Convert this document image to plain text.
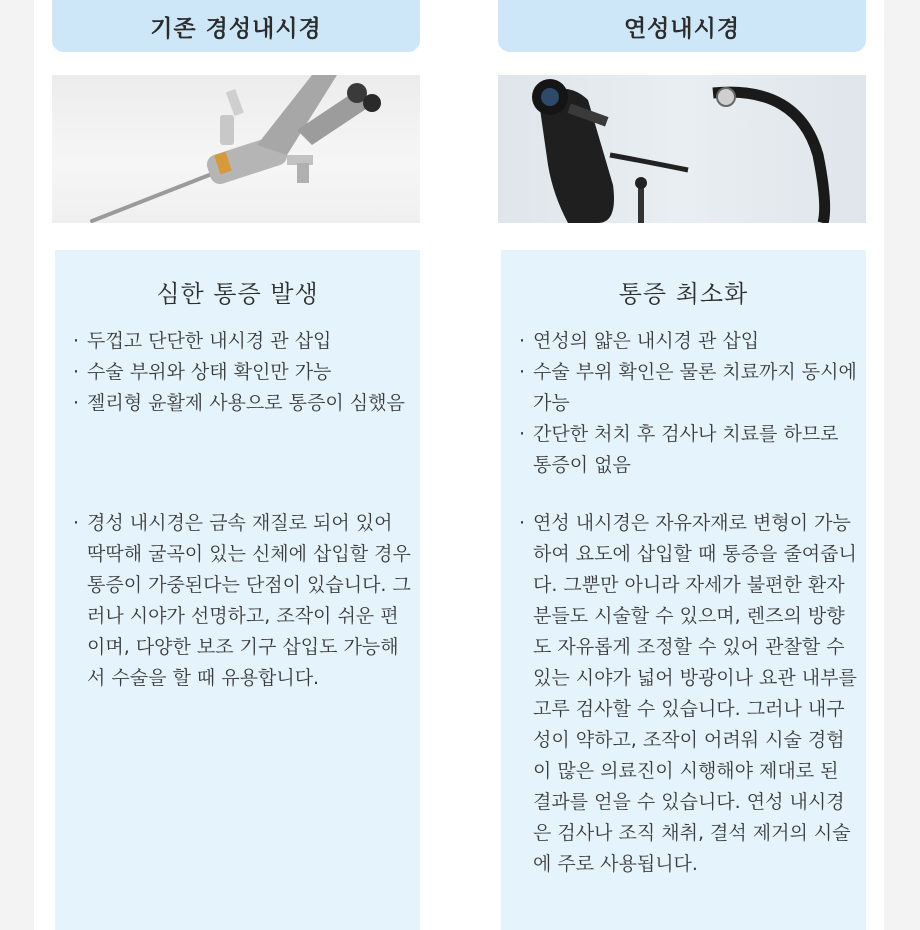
기존 경성내시경
심한 통증 발생
· 두껍고 단단한 내시경 관 삽입
· 수술 부위와 상태 확인만 가능
· 젤리형 윤활제 사용으로 통증이 심했음
· 경성 내시경은 금속 재질로 되어 있어 딱딱해 굴곡이 있는 신체에 삽입할 경우 통증이 가중된다는 단점이 있습니다. 그러나 시야가 선명하고, 조작이 쉬운 편이며, 다양한 보조 기구 삽입도 가능해서 수술을 할 때 유용합니다.
연성내시경
통증 최소화
· 연성의 얇은 내시경 관 삽입
· 수술 부위 확인은 물론 치료까지 동시에 가능
· 간단한 처치 후 검사나 치료를 하므로 통증이 없음
· 연성 내시경은 자유자재로 변형이 가능하여 요도에 삽입할 때 통증을 줄여줍니다. 그뿐만 아니라 자세가 불편한 환자분들도 시술할 수 있으며, 렌즈의 방향도 자유롭게 조정할 수 있어 관찰할 수 있는 시야가 넓어 방광이나 요관 내부를 고루 검사할 수 있습니다. 그러나 내구성이 약하고, 조작이 어려워 시술 경험이 많은 의료진이 시행해야 제대로 된 결과를 얻을 수 있습니다. 연성 내시경은 검사나 조직 채취, 결석 제거의 시술에 주로 사용됩니다.
